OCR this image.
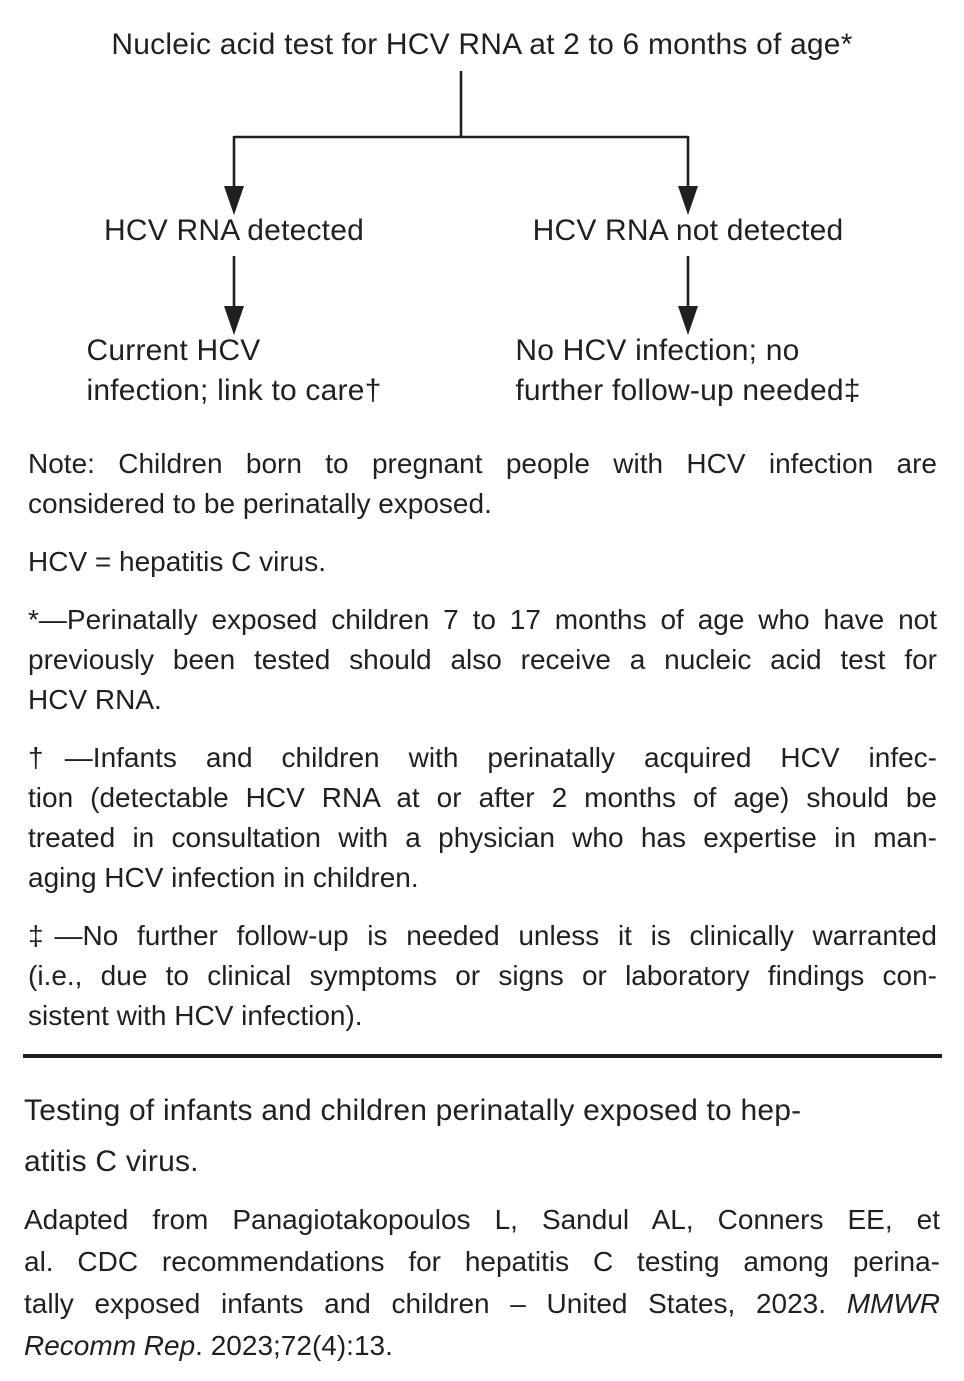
Nucleic acid test for HCV RNA at 2 to 6 months of age*
HCV RNA detected	HCV RNA not detected
Current HCV
infection; link to care†
No HCV infection; no
further follow-up needed‡
Note: Children born to pregnant people with HCV infection are
considered to be perinatally exposed.
HCV = hepatitis C virus.
*—Perinatally exposed children 7 to 17 months of age who have not
previously been tested should also receive a nucleic acid test for
HCV RNA.
†—Infants and children with perinatally acquired HCV infec-
tion (detectable HCV RNA at or after 2 months of age) should be
treated in consultation with a physician who has expertise in man-
aging HCV infection in children.
‡—No further follow-up is needed unless it is clinically warranted
(i.e., due to clinical symptoms or signs or laboratory findings con-
sistent with HCV infection).
Testing of infants and children perinatally exposed to hep-
atitis C virus.
Adapted from Panagiotakopoulos L, Sandul AL, Conners EE, et
al. CDC recommendations for hepatitis C testing among perina-
tally exposed infants and children – United States, 2023. MMWR
Recomm Rep. 2023;72(4):13.
